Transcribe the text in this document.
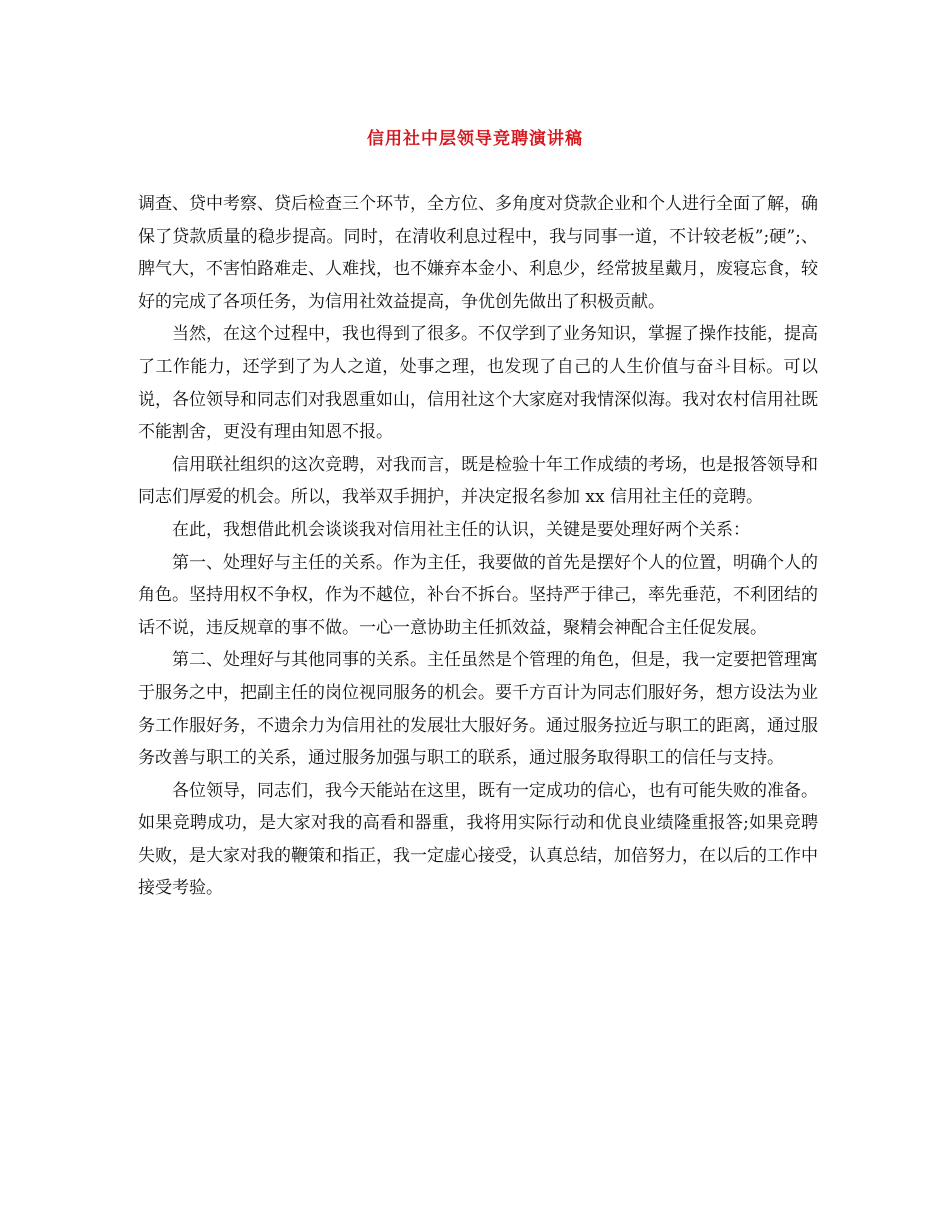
信用社中层领导竞聘演讲稿

调查、贷中考察、贷后检查三个环节，全方位、多角度对贷款企业和个人进行全面了解，确保了贷款质量的稳步提高。同时，在清收利息过程中，我与同事一道，不计较老板”;硬”;、脾气大，不害怕路难走、人难找，也不嫌弃本金小、利息少，经常披星戴月，废寝忘食，较好的完成了各项任务，为信用社效益提高，争优创先做出了积极贡献。

当然，在这个过程中，我也得到了很多。不仅学到了业务知识，掌握了操作技能，提高了工作能力，还学到了为人之道，处事之理，也发现了自己的人生价值与奋斗目标。可以说，各位领导和同志们对我恩重如山，信用社这个大家庭对我情深似海。我对农村信用社既不能割舍，更没有理由知恩不报。

信用联社组织的这次竞聘，对我而言，既是检验十年工作成绩的考场，也是报答领导和同志们厚爱的机会。所以，我举双手拥护，并决定报名参加 xx 信用社主任的竞聘。

在此，我想借此机会谈谈我对信用社主任的认识，关键是要处理好两个关系：

第一、处理好与主任的关系。作为主任，我要做的首先是摆好个人的位置，明确个人的角色。坚持用权不争权，作为不越位，补台不拆台。坚持严于律己，率先垂范，不利团结的话不说，违反规章的事不做。一心一意协助主任抓效益，聚精会神配合主任促发展。

第二、处理好与其他同事的关系。主任虽然是个管理的角色，但是，我一定要把管理寓于服务之中，把副主任的岗位视同服务的机会。要千方百计为同志们服好务，想方设法为业务工作服好务，不遗余力为信用社的发展壮大服好务。通过服务拉近与职工的距离，通过服务改善与职工的关系，通过服务加强与职工的联系，通过服务取得职工的信任与支持。

各位领导，同志们，我今天能站在这里，既有一定成功的信心，也有可能失败的准备。如果竞聘成功，是大家对我的高看和器重，我将用实际行动和优良业绩隆重报答;如果竞聘失败，是大家对我的鞭策和指正，我一定虚心接受，认真总结，加倍努力，在以后的工作中接受考验。
